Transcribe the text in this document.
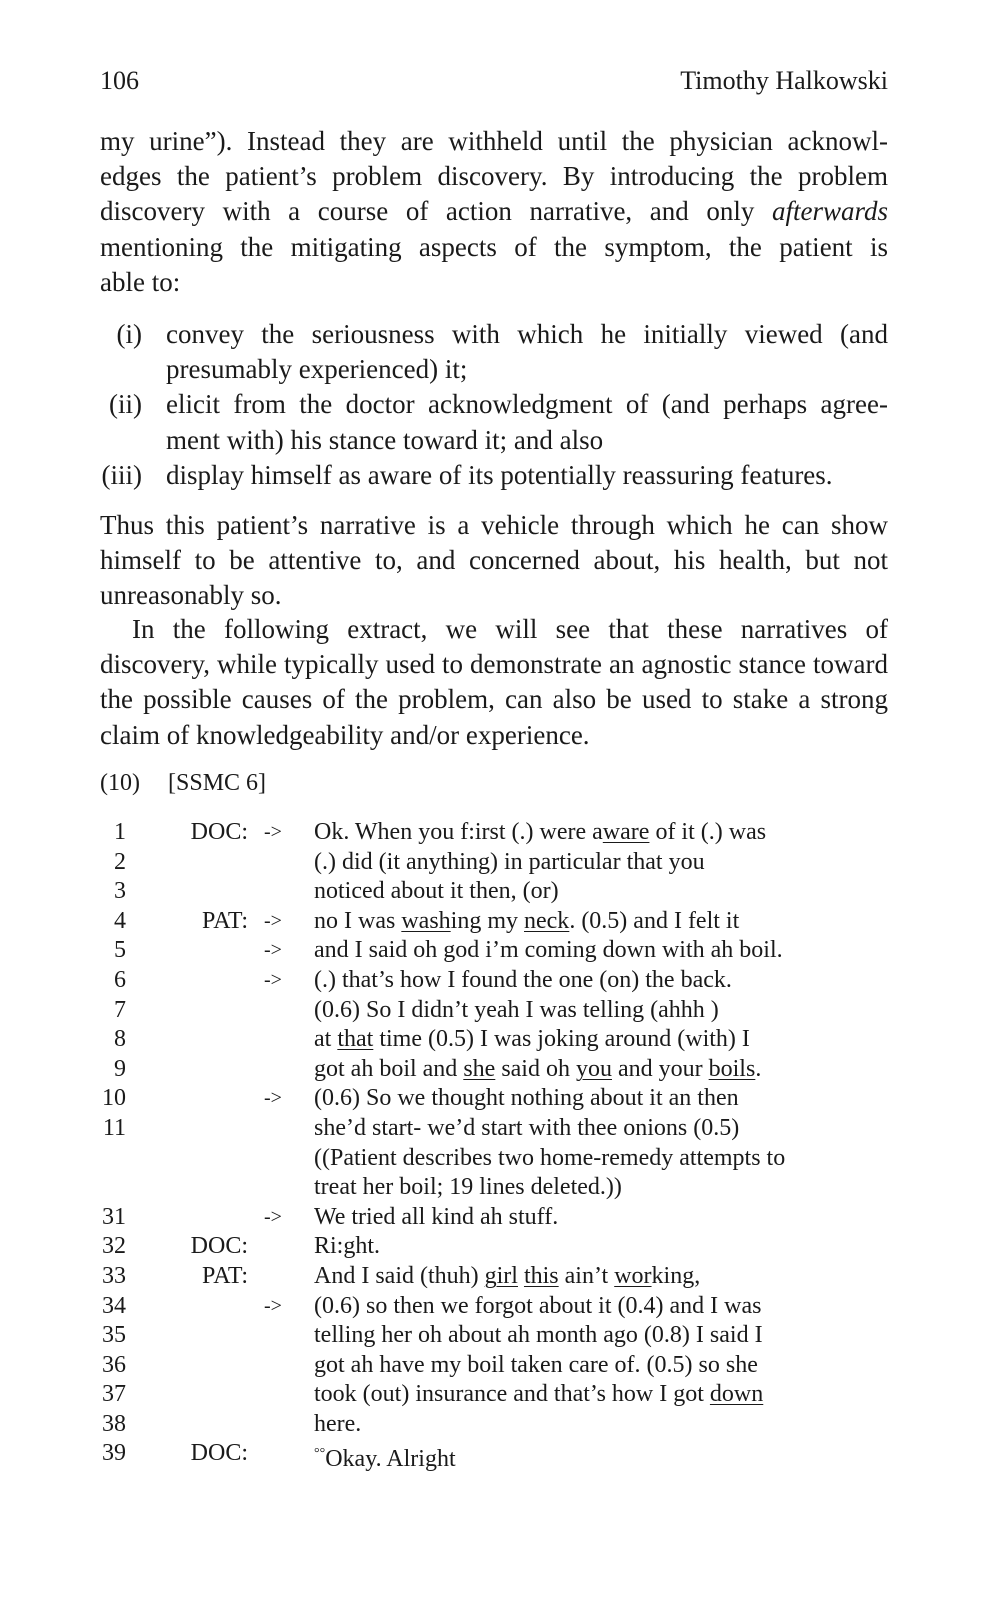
106	Timothy Halkowski
my urine”). Instead they are withheld until the physician acknowl-
edges the patient’s problem discovery. By introducing the problem
discovery with a course of action narrative, and only afterwards
mentioning the mitigating aspects of the symptom, the patient is
able to:
(i) convey the seriousness with which he initially viewed (and presumably experienced) it;
(ii) elicit from the doctor acknowledgment of (and perhaps agree-ment with) his stance toward it; and also
(iii) display himself as aware of its potentially reassuring features.
Thus this patient’s narrative is a vehicle through which he can show himself to be attentive to, and concerned about, his health, but not unreasonably so.
In the following extract, we will see that these narratives of discovery, while typically used to demonstrate an agnostic stance toward the possible causes of the problem, can also be used to stake a strong claim of knowledgeability and/or experience.
(10) [SSMC 6]
1	DOC: -> Ok. When you f:irst (.) were aware of it (.) was
2	(.) did (it anything) in particular that you
3	noticed about it then, (or)
4	PAT: -> no I was washing my neck. (0.5) and I felt it
5	-> and I said oh god i’m coming down with ah boil.
6	-> (.) that’s how I found the one (on) the back.
7	(0.6) So I didn’t yeah I was telling (ahhh )
8	at that time (0.5) I was joking around (with) I
9	got ah boil and she said oh you and your boils.
10	-> (0.6) So we thought nothing about it an then
11	she’d start- we’d start with thee onions (0.5)
((Patient describes two home-remedy attempts to
treat her boil; 19 lines deleted.))
31	-> We tried all kind ah stuff.
32	DOC:	Ri:ght.
33	PAT:	And I said (thuh) girl this ain’t working,
34	-> (0.6) so then we forgot about it (0.4) and I was
35	telling her oh about ah month ago (0.8) I said I
36	got ah have my boil taken care of. (0.5) so she
37	took (out) insurance and that’s how I got down
38	here.
39	DOC:	°°Okay. Alright
